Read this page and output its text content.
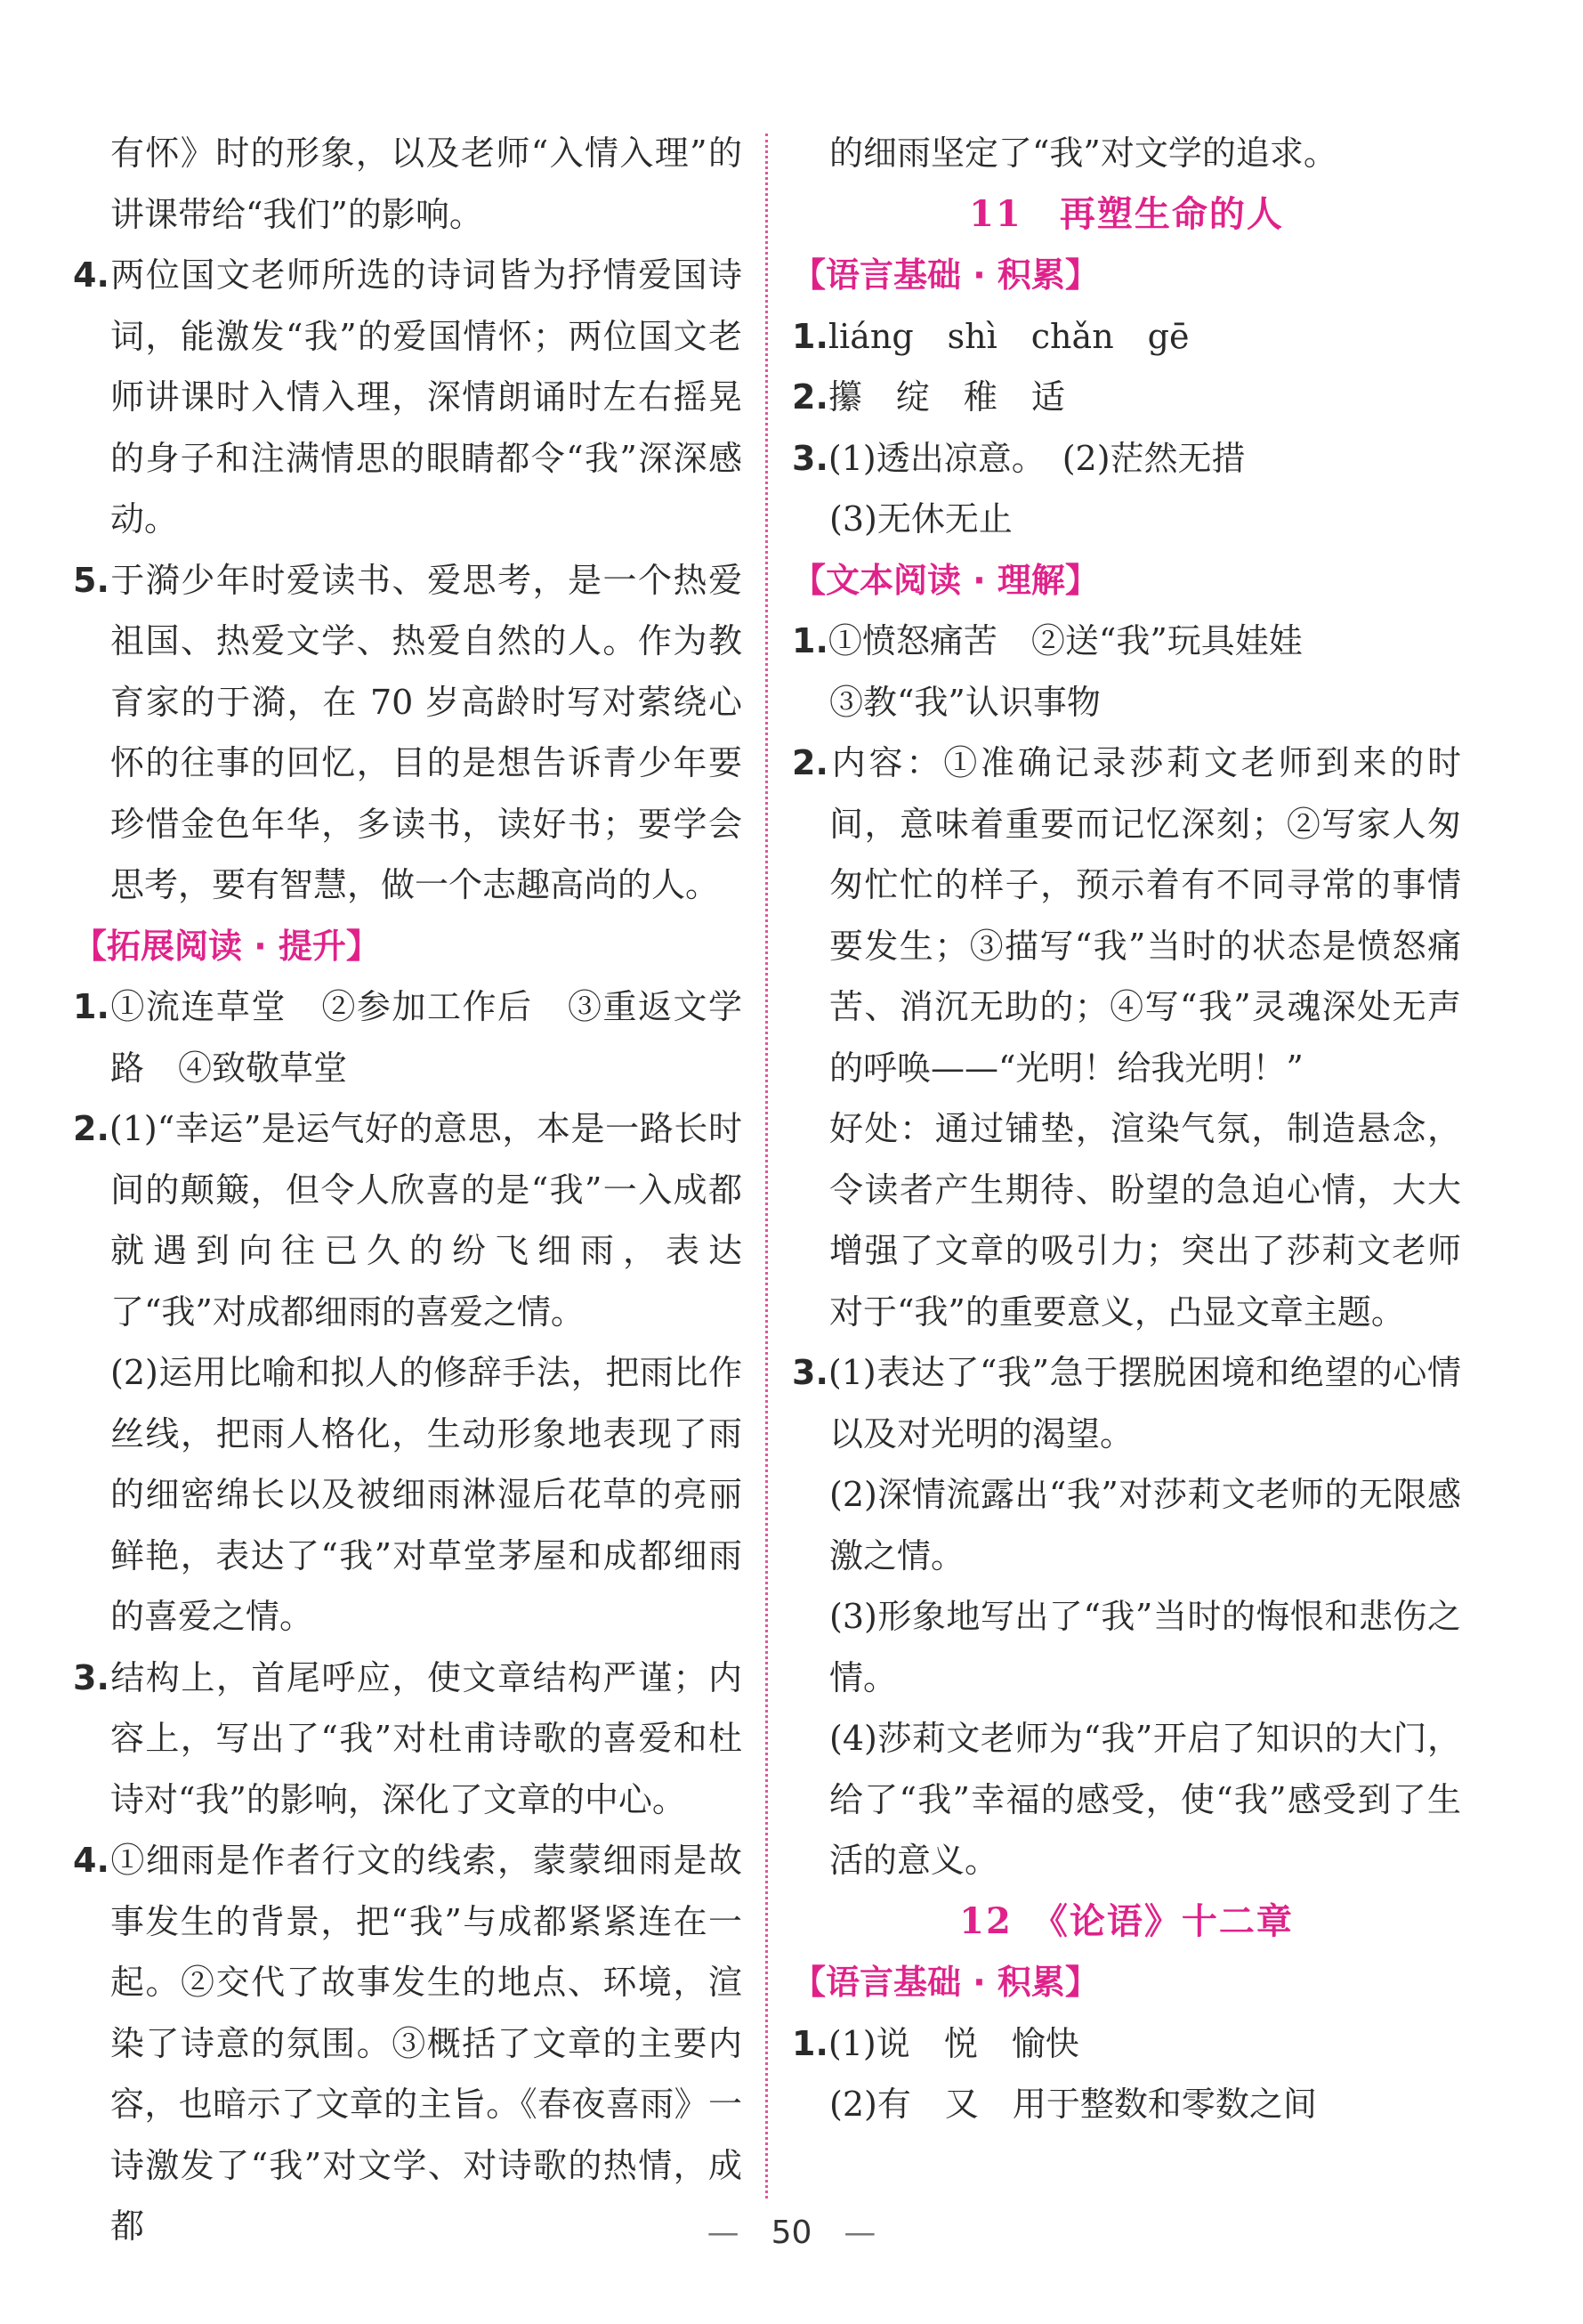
有怀》时的形象，以及老师“入情入理”的讲课带给“我们”的影响。

4.两位国文老师所选的诗词皆为抒情爱国诗词，能激发“我”的爱国情怀；两位国文老师讲课时入情入理，深情朗诵时左右摇晃的身子和注满情思的眼睛都令“我”深深感动。

5.于漪少年时爱读书、爱思考，是一个热爱祖国、热爱文学、热爱自然的人。作为教育家的于漪，在 70 岁高龄时写对萦绕心怀的往事的回忆，目的是想告诉青少年要珍惜金色年华，多读书，读好书；要学会思考，要有智慧，做一个志趣高尚的人。

【拓展阅读 · 提升】

1.①流连草堂　②参加工作后　③重返文学路　④致敬草堂

2.(1)“幸运”是运气好的意思，本是一路长时间的颠簸，但令人欣喜的是“我”一入成都就遇到向往已久的纷飞细雨，表达了“我”对成都细雨的喜爱之情。

(2)运用比喻和拟人的修辞手法，把雨比作丝线，把雨人格化，生动形象地表现了雨的细密绵长以及被细雨淋湿后花草的亮丽鲜艳，表达了“我”对草堂茅屋和成都细雨的喜爱之情。

3.结构上，首尾呼应，使文章结构严谨；内容上，写出了“我”对杜甫诗歌的喜爱和杜诗对“我”的影响，深化了文章的中心。

4.①细雨是作者行文的线索，蒙蒙细雨是故事发生的背景，把“我”与成都紧紧连在一起。②交代了故事发生的地点、环境，渲染了诗意的氛围。③概括了文章的主要内容，也暗示了文章的主旨。《春夜喜雨》一诗激发了“我”对文学、对诗歌的热情，成都

的细雨坚定了“我”对文学的追求。

11　再塑生命的人

【语言基础 · 积累】

1.liáng　shì　chǎn　gē

2.攥　绽　稚　适

3.(1)透出凉意。　(2)茫然无措

(3)无休无止

【文本阅读 · 理解】

1.①愤怒痛苦　②送“我”玩具娃娃

③教“我”认识事物

2.内容：①准确记录莎莉文老师到来的时间，意味着重要而记忆深刻；②写家人匆匆忙忙的样子，预示着有不同寻常的事情要发生；③描写“我”当时的状态是愤怒痛苦、消沉无助的；④写“我”灵魂深处无声的呼唤——“光明！给我光明！”

好处：通过铺垫，渲染气氛，制造悬念，令读者产生期待、盼望的急迫心情，大大增强了文章的吸引力；突出了莎莉文老师对于“我”的重要意义，凸显文章主题。

3.(1)表达了“我”急于摆脱困境和绝望的心情以及对光明的渴望。

(2)深情流露出“我”对莎莉文老师的无限感激之情。

(3)形象地写出了“我”当时的悔恨和悲伤之情。

(4)莎莉文老师为“我”开启了知识的大门，给了“我”幸福的感受，使“我”感受到了生活的意义。

12　《论语》十二章

【语言基础 · 积累】

1.(1)说　悦　愉快

(2)有　又　用于整数和零数之间

—　50　—
